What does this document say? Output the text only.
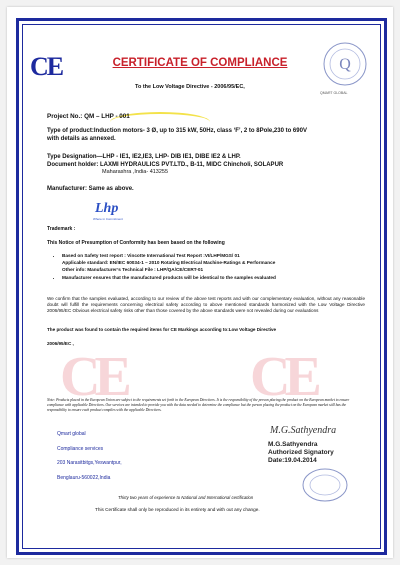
CE	CERTIFICATE OF COMPLIANCE
To the Low Voltage Directive - 2006/95/EC,
Q
QMART GLOBAL
Project No.: QM – LHP - 001
Type of product:Induction motors- 3 Ø, up to 315 kW, 50Hz, class ‘F’, 2 to 8Pole,230 to 690V
with details as annexed.
Type Designation—LHP - IE1, IE2,IE3, LHP- DIB IE1, DIBE IE2 & LHP.
Document holder: LAXMI HYDRAULICS PVT.LTD., B-11, MIDC Chincholi, SOLAPUR
Maharashra ,India- 413255
Manufacturer: Same as above.
Lhp
Where in Commitment
Trademark :
This Notice of Presumption of Conformity has been based on the following
• Based on Safety test report : Vincotte International Test Report :VI/LHP/MGS/ 01
Applicable standard: EN/IEC 60034-1 – 2010 Rotating Electrical Machine-Ratings & Performance
Other info: Manufacturer’s Technical File : LHP/QA/CE/CERT-01
• Manufacturer ensures that the manufactured products will be identical to the samples evaluated
We confirm that the samples evaluated, according to our review of the above test reports and with our complementary evaluation, without any reasonable doubt will fulfill the requirements concerning electrical safety according to above mentioned standards harmonized with the Low Voltage Directive 2006/95/EC Obvious electrical safety risks other than those covered by the above standards were not revealed during our evaluations
The product was found to contain the required items for CE Markings according to:Low Voltage Directive
2006/95/EC ,
CE CE
Note: Products placed in the European Union are subject to the requirements set forth in the European Directives. It is the responsibility of the person placing the product on the European market to ensure compliance with applicable Directives. Our services are intended to provide you with the data needed to determine the compliance but the person placing the product on the European market still has the responsibility to ensure each product complies with the applicable Directives.
Qmart global
Compliance services
203 Narasitbitgs,Yeswantpur,
Benglauru-560022,India
M.G.Sathyendra
M.G.Sathyendra
Authorized Signatory
Date:19.04.2014
Thirty two years of experience to National and International certification
This Certificate shall only be reproduced in its entirety and with out any change.
